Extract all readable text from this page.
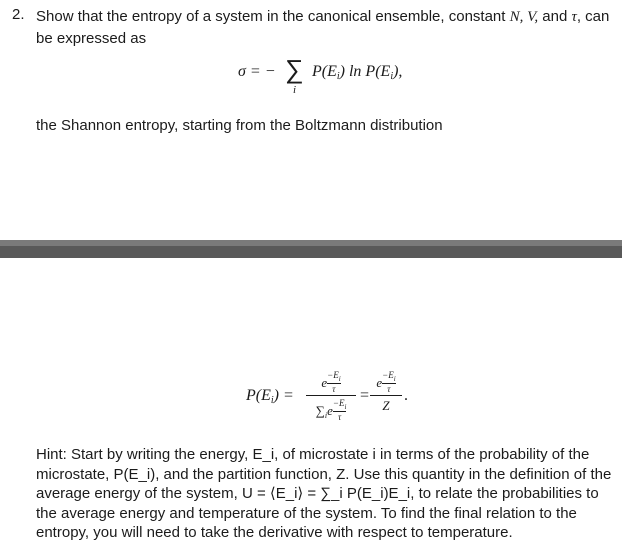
2. Show that the entropy of a system in the canonical ensemble, constant N, V, and τ, can be expressed as
σ = − ∑
i
$P(E_i)$ $\ln P(E_i)$,
the Shannon entropy, starting from the Boltzmann distribution
$P(E_i)$ =
e $\frac{-E_i}{\tau}$
$\sum_ie \frac{-E_i}{\tau}$
=
e $\frac{-E_i}{\tau}$
Z
.
Hint: Start by writing the energy, E_i, of microstate i in terms of the probability of the microstate, P(E_i), and the partition function, Z. Use this quantity in the definition of the average energy of the system, U = ⟨E_i⟩ = ∑_i P(E_i)E_i, to relate the probabilities to the average energy and temperature of the system. To find the final relation to the entropy, you will need to take the derivative with respect to temperature.
